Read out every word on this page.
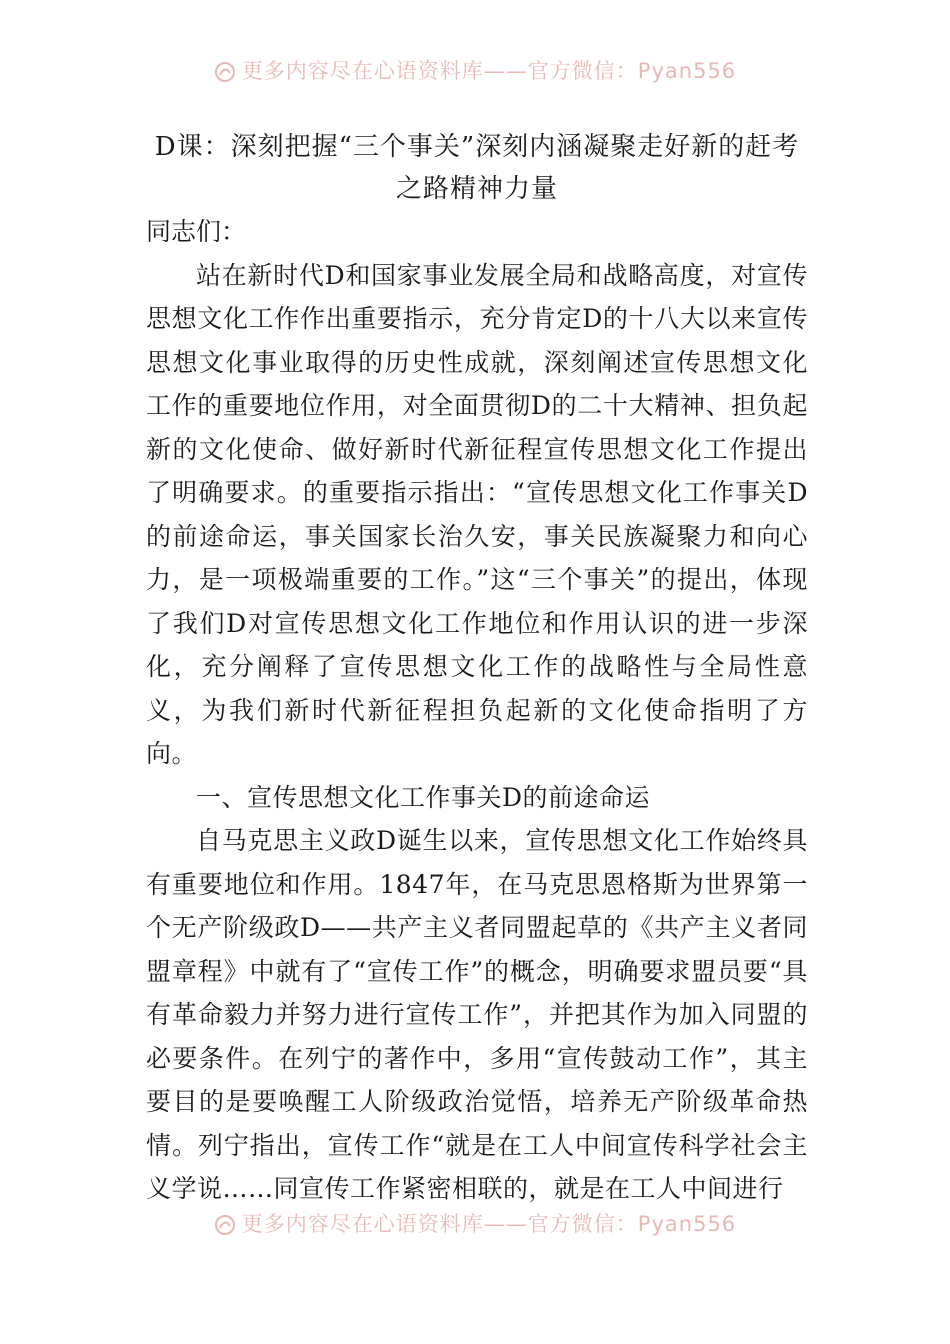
更多内容尽在心语资料库——官方微信：Pyan556
D课：深刻把握“三个事关”深刻内涵凝聚走好新的赶考之路精神力量

同志们：

站在新时代D和国家事业发展全局和战略高度，对宣传思想文化工作作出重要指示，充分肯定D的十八大以来宣传思想文化事业取得的历史性成就，深刻阐述宣传思想文化工作的重要地位作用，对全面贯彻D的二十大精神、担负起新的文化使命、做好新时代新征程宣传思想文化工作提出了明确要求。的重要指示指出：“宣传思想文化工作事关D的前途命运，事关国家长治久安，事关民族凝聚力和向心力，是一项极端重要的工作。”这“三个事关”的提出，体现了我们D对宣传思想文化工作地位和作用认识的进一步深化，充分阐释了宣传思想文化工作的战略性与全局性意义，为我们新时代新征程担负起新的文化使命指明了方向。

一、宣传思想文化工作事关D的前途命运

自马克思主义政D诞生以来，宣传思想文化工作始终具有重要地位和作用。1847年，在马克思恩格斯为世界第一个无产阶级政D——共产主义者同盟起草的《共产主义者同盟章程》中就有了“宣传工作”的概念，明确要求盟员要“具有革命毅力并努力进行宣传工作”，并把其作为加入同盟的必要条件。在列宁的著作中，多用“宣传鼓动工作”，其主要目的是要唤醒工人阶级政治觉悟，培养无产阶级革命热情。列宁指出，宣传工作“就是在工人中间宣传科学社会主义学说……同宣传工作紧密相联的，就是在工人中间进行

更多内容尽在心语资料库——官方微信：Pyan556
